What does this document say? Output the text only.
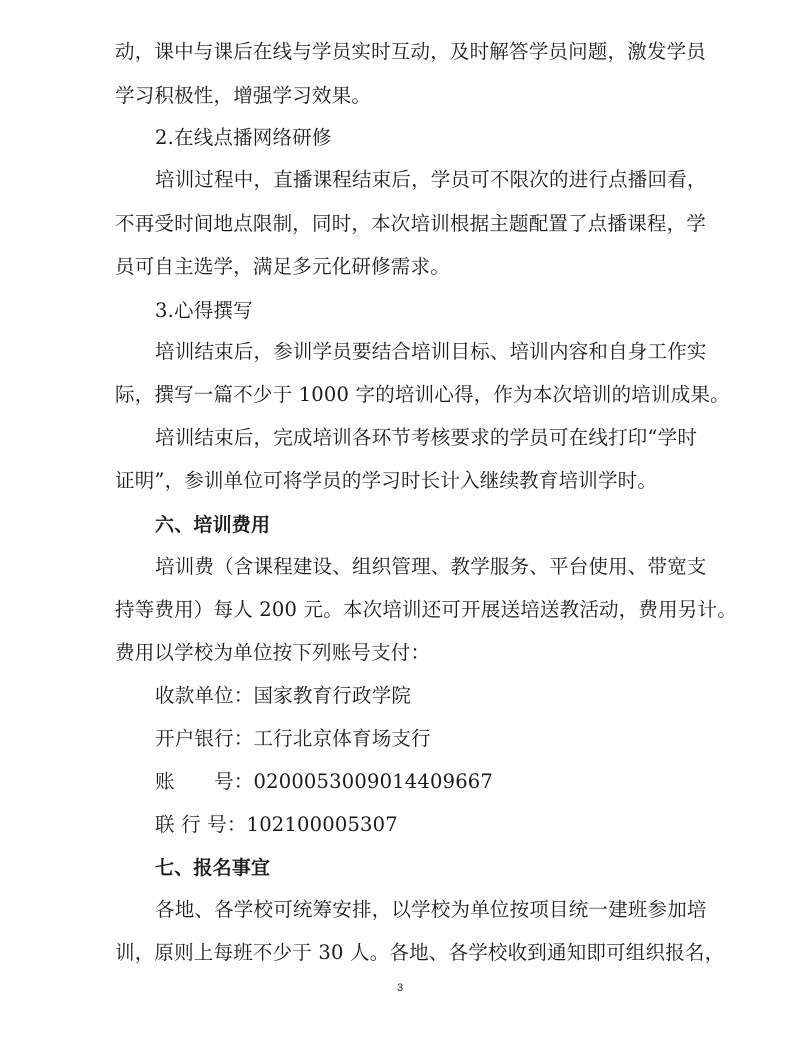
动，课中与课后在线与学员实时互动，及时解答学员问题，激发学员
学习积极性，增强学习效果。
2.在线点播网络研修
培训过程中，直播课程结束后，学员可不限次的进行点播回看，
不再受时间地点限制，同时，本次培训根据主题配置了点播课程，学
员可自主选学，满足多元化研修需求。
3.心得撰写
培训结束后，参训学员要结合培训目标、培训内容和自身工作实
际，撰写一篇不少于 1000 字的培训心得，作为本次培训的培训成果。
培训结束后，完成培训各环节考核要求的学员可在线打印“学时
证明”，参训单位可将学员的学习时长计入继续教育培训学时。
六、培训费用
培训费（含课程建设、组织管理、教学服务、平台使用、带宽支
持等费用）每人 200 元。本次培训还可开展送培送教活动，费用另计。
费用以学校为单位按下列账号支付：
收款单位：国家教育行政学院
开户银行：工行北京体育场支行
账　　号：0200053009014409667
联 行 号：102100005307
七、报名事宜
各地、各学校可统筹安排，以学校为单位按项目统一建班参加培
训，原则上每班不少于 30 人。各地、各学校收到通知即可组织报名，
3
